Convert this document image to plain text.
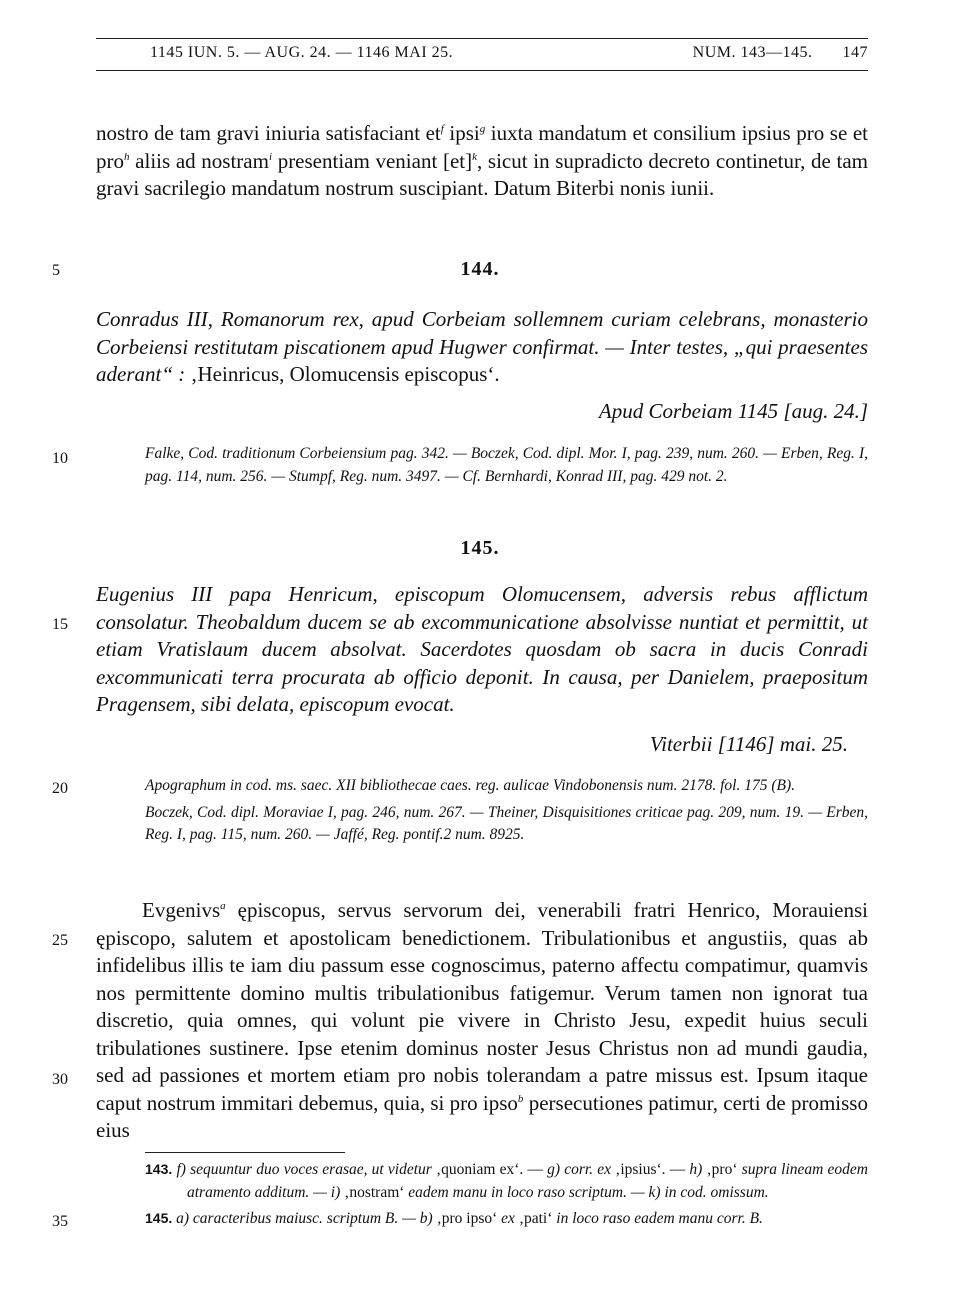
1145 IUN. 5. — AUG. 24. — 1146 MAI 25.	NUM. 143—145. 147

nostro de tam gravi iniuria satisfaciant $et^f$ ipsi$^g$ iuxta mandatum et consilium ipsius pro se et pro$^h$ aliis ad nostram$^i$ presentiam veniant [et]$^k$, sicut in supradicto decreto continetur, de tam gravi sacrilegio mandatum nostrum suscipiant. Datum Biterbi nonis iunii.

144.
Conradus III, Romanorum rex, apud Corbeiam sollemnem curiam celebrans, monasterio Corbeiensi restitutam piscationem apud Hugwer confirmat. — Inter testes, „qui praesentes aderant“ : ‚Heinricus, Olomucensis episcopus‘.
Apud Corbeiam 1145 [aug. 24.]
Falke, Cod. traditionum Corbeiensium pag. 342. — Boczek, Cod. dipl. Mor. I, pag. 239, num. 260. — Erben, Reg. I, pag. 114, num. 256. — Stumpf, Reg. num. 3497. — Cf. Bernhardi, Konrad III, pag. 429 not. 2.
145.
Eugenius III papa Henricum, episcopum Olomucensem, adversis rebus afflictum consolatur. Theobaldum ducem se ab excommunicatione absolvisse nuntiat et permittit, ut etiam Vratislaum ducem absolvat. Sacerdotes quosdam ob sacra in ducis Conradi excommunicati terra procurata ab officio deponit. In causa, per Danielem, praepositum Pragensem, sibi delata, episcopum evocat.
Viterbii [1146] mai. 25.

Apographum in cod. ms. saec. XII bibliothecae caes. reg. aulicae Vindobonensis num. 2178. fol. 175 (B).

Boczek, Cod. dipl. Moraviae I, pag. 246, num. 267. — Theiner, Disquisitiones criticae pag. 209, num. 19. — Erben, Reg. I, pag. 115, num. 260. — Jaffé, Reg. pontif.2 num. 8925.

Evgenivs$^a$ ępiscopus, servus servorum dei, venerabili fratri Henrico, Morauiensi ępiscopo, salutem et apostolicam benedictionem. Tribulationibus et angustiis, quas ab infidelibus illis te iam diu passum esse cognoscimus, paterno affectu compatimur, quamvis nos permittente domino multis tribulationibus fatigemur. Verum tamen non ignorat tua discretio, quia omnes, qui volunt pie vivere in Christo Jesu, expedit huius seculi tribulationes sustinere. Ipse etenim dominus noster Jesus Christus non ad mundi gaudia, sed ad passiones et mortem etiam pro nobis tolerandam a patre missus est. Ipsum itaque caput nostrum immitari debemus, quia, si pro ipso$^b$ persecutiones patimur, certi de promisso eius

5
10
15
20
25
30
35

143. f) sequuntur duo voces erasae, ut videtur ‚quoniam ex‘. — g) corr. ex ‚ipsius‘. — h) ‚pro‘ supra lineam eodem atramento additum. — i) ‚nostram‘ eadem manu in loco raso scriptum. — k) in cod. omissum.

145. a) caracteribus maiusc. scriptum B. — b) ‚pro ipso‘ ex ‚pati‘ in loco raso eadem manu corr. B.
